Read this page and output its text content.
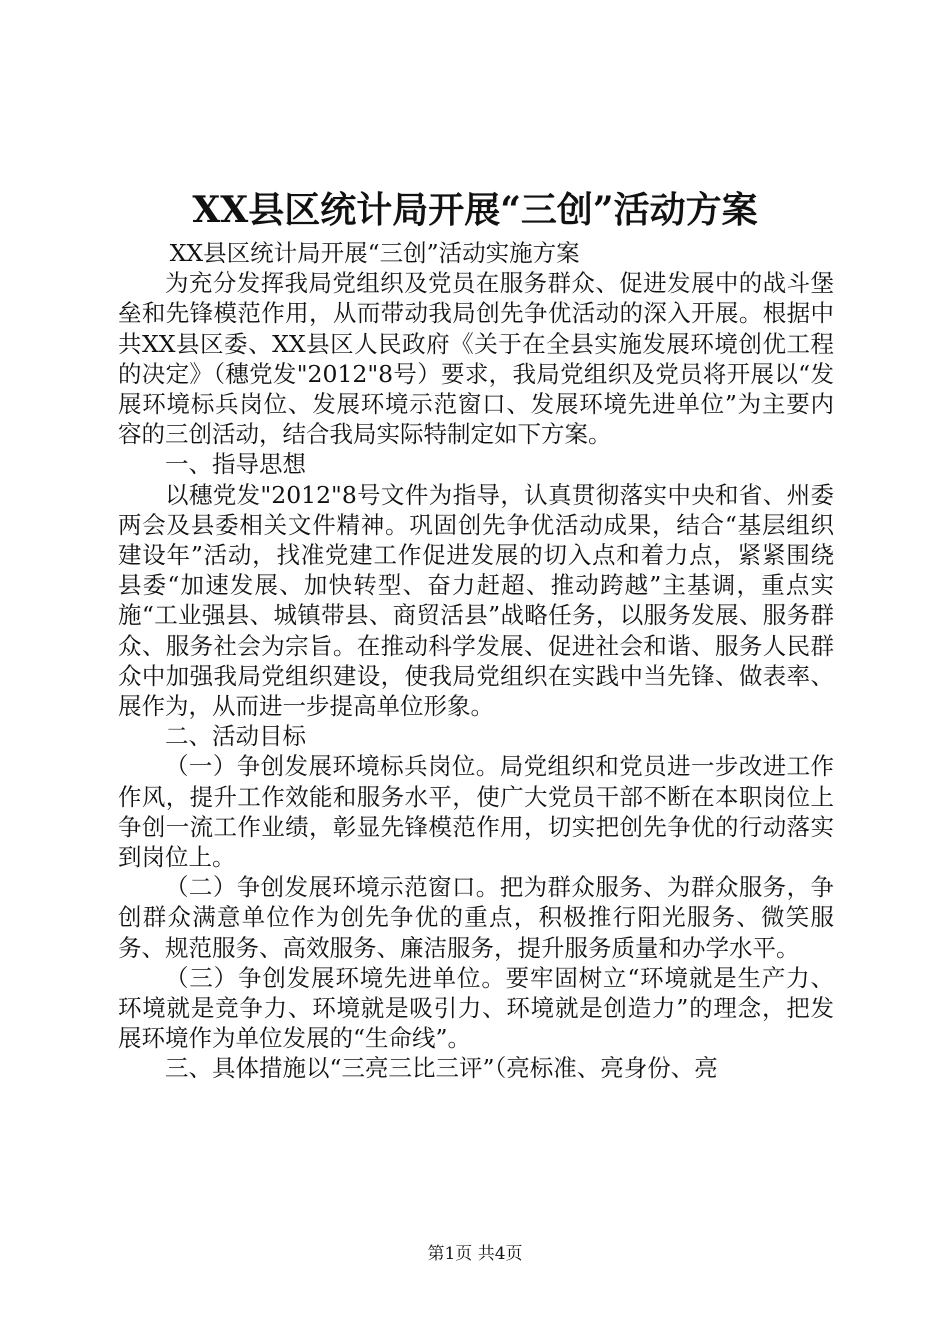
XX县区统计局开展“三创”活动方案

XX县区统计局开展“三创”活动实施方案

为充分发挥我局党组织及党员在服务群众、促进发展中的战斗堡垒和先锋模范作用，从而带动我局创先争优活动的深入开展。根据中共XX县区委、XX县区人民政府《关于在全县实施发展环境创优工程的决定》（穗党发"2012"8号）要求，我局党组织及党员将开展以“发展环境标兵岗位、发展环境示范窗口、发展环境先进单位”为主要内容的三创活动，结合我局实际特制定如下方案。

一、指导思想

以穗党发"2012"8号文件为指导，认真贯彻落实中央和省、州委两会及县委相关文件精神。巩固创先争优活动成果，结合“基层组织建设年”活动，找准党建工作促进发展的切入点和着力点，紧紧围绕县委“加速发展、加快转型、奋力赶超、推动跨越”主基调，重点实施“工业强县、城镇带县、商贸活县”战略任务，以服务发展、服务群众、服务社会为宗旨。在推动科学发展、促进社会和谐、服务人民群众中加强我局党组织建设，使我局党组织在实践中当先锋、做表率、展作为，从而进一步提高单位形象。

二、活动目标

（一）争创发展环境标兵岗位。局党组织和党员进一步改进工作作风，提升工作效能和服务水平，使广大党员干部不断在本职岗位上争创一流工作业绩，彰显先锋模范作用，切实把创先争优的行动落实到岗位上。

（二）争创发展环境示范窗口。把为群众服务、为群众服务，争创群众满意单位作为创先争优的重点，积极推行阳光服务、微笑服务、规范服务、高效服务、廉洁服务，提升服务质量和办学水平。

（三）争创发展环境先进单位。要牢固树立“环境就是生产力、环境就是竞争力、环境就是吸引力、环境就是创造力”的理念，把发展环境作为单位发展的“生命线”。

三、具体措施以“三亮三比三评”（亮标准、亮身份、亮

第1页 共4页
